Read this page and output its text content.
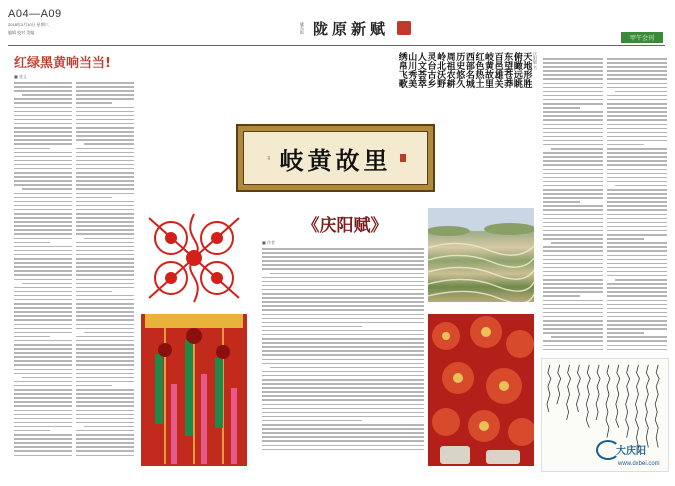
A04—A09
2018年3月10日 星期六
编辑 校对 美编	陇东报 陇原新赋
甲午会刊
红绿黑黄响当当!
■ 张义
庆阳赋 书
天地形胜
俯瞰远眺
东望苍莽
百邑雄关
岐黄故里
红色热土
西部名城
历史悠久
周祖农耕
岭北沃野
灵台古乡
人文荟萃
山川秀美
绣帛飞歌
书 岐黄故里
《庆阳赋》
■ 作者
大庆阳
www.dxbei.com
